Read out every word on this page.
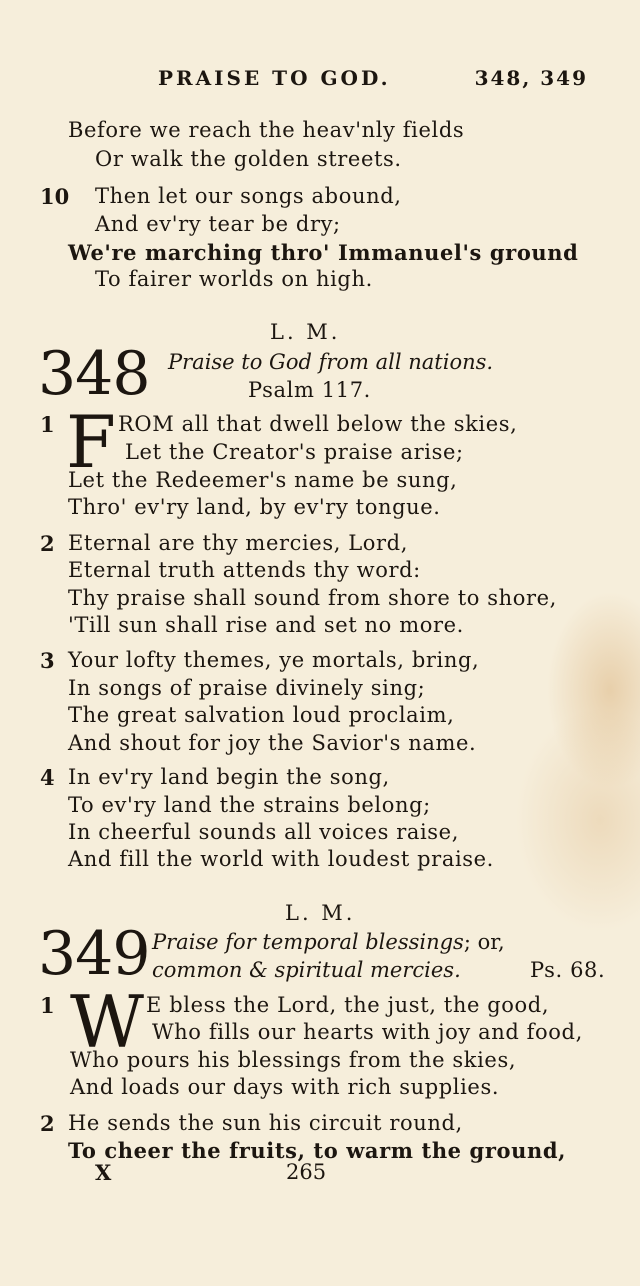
PRAISE TO GOD.	348, 349
Before we reach the heav'nly fields
Or walk the golden streets.
10 Then let our songs abound,
And ev'ry tear be dry;
We're marching thro' Immanuel's ground
To fairer worlds on high.
L. M.
348 Praise to God from all nations.
Psalm 117.
1 F ROM all that dwell below the skies,
Let the Creator's praise arise;
Let the Redeemer's name be sung,
Thro' ev'ry land, by ev'ry tongue.
2 Eternal are thy mercies, Lord,
Eternal truth attends thy word:
Thy praise shall sound from shore to shore,
'Till sun shall rise and set no more.
3 Your lofty themes, ye mortals, bring,
In songs of praise divinely sing;
The great salvation loud proclaim,
And shout for joy the Savior's name.
4 In ev'ry land begin the song,
To ev'ry land the strains belong;
In cheerful sounds all voices raise,
And fill the world with loudest praise.
L. M.
349 Praise for temporal blessings; or,
common & spiritual mercies.	Ps. 68.
1 W E bless the Lord, the just, the good,
Who fills our hearts with joy and food,
Who pours his blessings from the skies,
And loads our days with rich supplies.
2 He sends the sun his circuit round,
To cheer the fruits, to warm the ground,
X	265
